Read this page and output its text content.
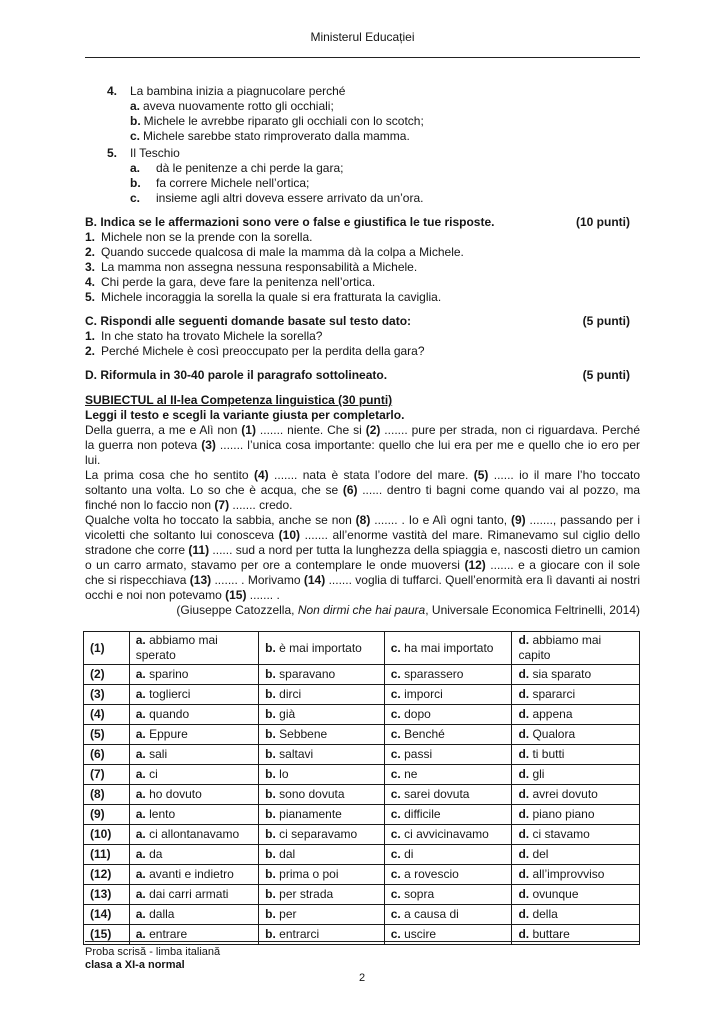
Ministerul Educației
4.	La bambina inizia a piagnucolare perché
a. aveva nuovamente rotto gli occhiali;
b. Michele le avrebbe riparato gli occhiali con lo scotch;
c. Michele sarebbe stato rimproverato dalla mamma.
5.	Il Teschio
a. dà le penitenze a chi perde la gara;
b. fa correre Michele nell’ortica;
c. insieme agli altri doveva essere arrivato da un’ora.
B. Indica se le affermazioni sono vere o false e giustifica le tue risposte.	(10 punti)
1. Michele non se la prende con la sorella.
2. Quando succede qualcosa di male la mamma dà la colpa a Michele.
3. La mamma non assegna nessuna responsabilità a Michele.
4. Chi perde la gara, deve fare la penitenza nell’ortica.
5. Michele incoraggia la sorella la quale si era fratturata la caviglia.
C. Rispondi alle seguenti domande basate sul testo dato:	(5 punti)
1. In che stato ha trovato Michele la sorella?
2. Perché Michele è così preoccupato per la perdita della gara?
D. Riformula in 30-40 parole il paragrafo sottolineato.	(5 punti)
SUBIECTUL al II-lea Competenza linguistica (30 punti)
Leggi il testo e scegli la variante giusta per completarlo.
Della guerra, a me e Alì non (1) ....... niente. Che si (2) ....... pure per strada, non ci riguardava. Perché la guerra non poteva (3) ....... l’unica cosa importante: quello che lui era per me e quello che io ero per lui.
La prima cosa che ho sentito (4) ....... nata è stata l’odore del mare. (5) ...... io il mare l’ho toccato soltanto una volta. Lo so che è acqua, che se (6) ...... dentro ti bagni come quando vai al pozzo, ma finché non lo faccio non (7) ....... credo.
Qualche volta ho toccato la sabbia, anche se non (8) ....... . Io e Alì ogni tanto, (9) ......., passando per i vicoletti che soltanto lui conosceva (10) ....... all’enorme vastità del mare. Rimanevamo sul ciglio dello stradone che corre (11) ...... sud a nord per tutta la lunghezza della spiaggia e, nascosti dietro un camion o un carro armato, stavamo per ore a contemplare le onde muoversi (12) ....... e a giocare con il sole che si rispecchiava (13) ....... . Morivamo (14) ....... voglia di tuffarci. Quell’enormità era lì davanti ai nostri occhi e noi non potevamo (15) ....... .
(Giuseppe Catozzella, Non dirmi che hai paura, Universale Economica Feltrinelli, 2014)
(1)	a. abbiamo mai sperato	b. è mai importato	c. ha mai importato	d. abbiamo mai capito
(2)	a. sparino	b. sparavano	c. sparassero	d. sia sparato
(3)	a. toglierci	b. dirci	c. imporci	d. spararci
(4)	a. quando	b. già	c. dopo	d. appena
(5)	a. Eppure	b. Sebbene	c. Benché	d. Qualora
(6)	a. sali	b. saltavi	c. passi	d. ti butti
(7)	a. ci	b. lo	c. ne	d. gli
(8)	a. ho dovuto	b. sono dovuta	c. sarei dovuta	d. avrei dovuto
(9)	a. lento	b. pianamente	c. difficile	d. piano piano
(10)	a. ci allontanavamo	b. ci separavamo	c. ci avvicinavamo	d. ci stavamo
(11)	a. da	b. dal	c. di	d. del
(12)	a. avanti e indietro	b. prima o poi	c. a rovescio	d. all’improvviso
(13)	a. dai carri armati	b. per strada	c. sopra	d. ovunque
(14)	a. dalla	b. per	c. a causa di	d. della
(15)	a. entrare	b. entrarci	c. uscire	d. buttare
Proba scrisă - limba italiană
clasa a XI-a normal
2
